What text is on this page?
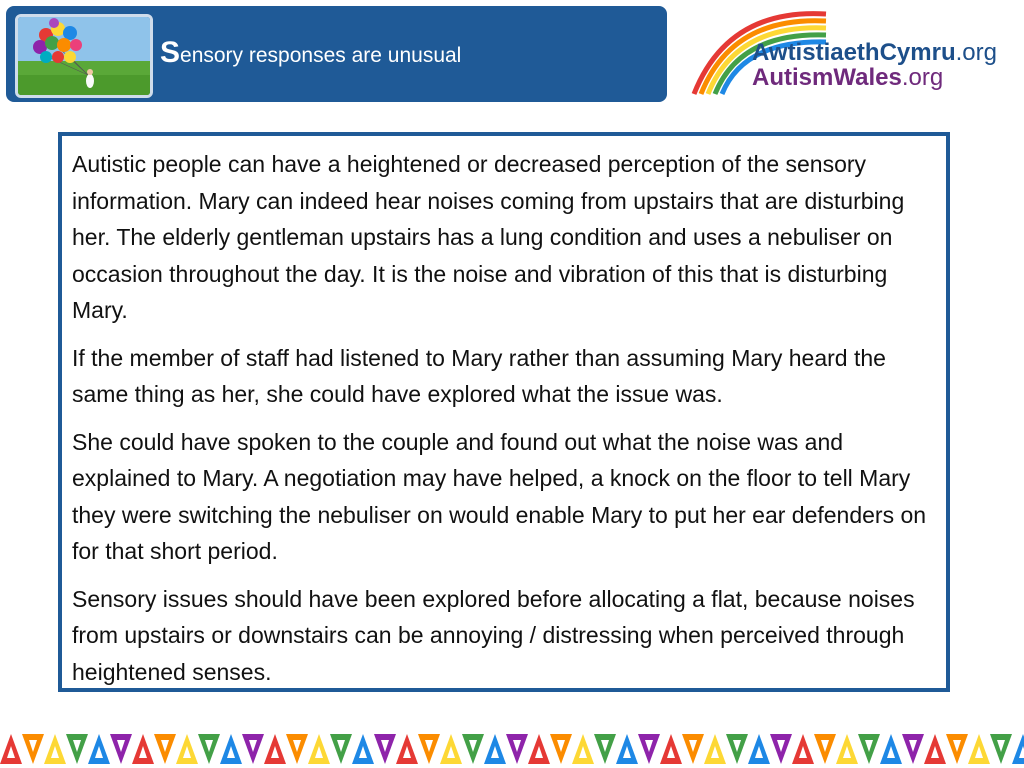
Sensory responses are unusual	AwtistiaethCymru.org
AutismWales.org

Autistic people can have a heightened or decreased perception of the sensory information. Mary can indeed hear noises coming from upstairs that are disturbing her. The elderly gentleman upstairs has a lung condition and uses a nebuliser on occasion throughout the day. It is the noise and vibration of this that is disturbing Mary.

If the member of staff had listened to Mary rather than assuming Mary heard the same thing as her, she could have explored what the issue was.

She could have spoken to the couple and found out what the noise was and explained to Mary. A negotiation may have helped, a knock on the floor to tell Mary they were switching the nebuliser on would enable Mary to put her ear defenders on for that short period.

Sensory issues should have been explored before allocating a flat, because noises from upstairs or downstairs can be annoying / distressing when perceived through heightened senses.
